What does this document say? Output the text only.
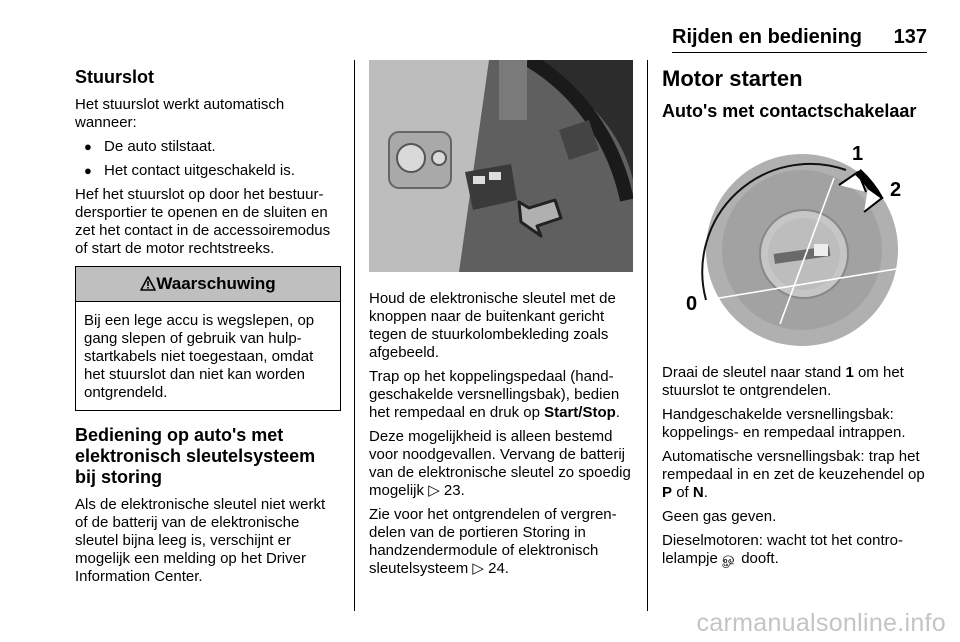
Rijden en bediening 137
Stuurslot

Het stuurslot werkt automatisch wanneer:

● De auto stilstaat.
● Het contact uitgeschakeld is.

Hef het stuurslot op door het bestuurdersportier te openen en de sluiten en zet het contact in de accessoiremodus of start de motor rechtstreeks.

Waarschuwing
Bij een lege accu is wegslepen, op gang slepen of gebruik van hulpstartkabels niet toegestaan, omdat het stuurslot dan niet kan worden ontgrendeld.
Bediening op auto's met elektronisch sleutelsysteem bij storing

Als de elektronische sleutel niet werkt of de batterij van de elektronische sleutel bijna leeg is, verschijnt er mogelijk een melding op het Driver Information Center.

Houd de elektronische sleutel met de knoppen naar de buitenkant gericht tegen de stuurkolombekleding zoals afgebeeld.

Trap op het koppelingspedaal (handgeschakelde versnellingsbak), bedien het rempedaal en druk op Start/Stop.

Deze mogelijkheid is alleen bestemd voor noodgevallen. Vervang de batterij van de elektronische sleutel zo spoedig mogelijk ▷ 23.

Zie voor het ontgrendelen of vergrendelen van de portieren Storing in handzendermodule of elektronisch sleutelsysteem ▷ 24.

Motor starten
Auto's met contactschakelaar
0
1
2

Draai de sleutel naar stand 1 om het stuurslot te ontgrendelen.

Handgeschakelde versnellingsbak: koppelings- en rempedaal intrappen.

Automatische versnellingsbak: trap het rempedaal in en zet de keuzehendel op P of N.

Geen gas geven.

Dieselmotoren: wacht tot het controlelampje ௐ dooft.

carmanualsonline.info
